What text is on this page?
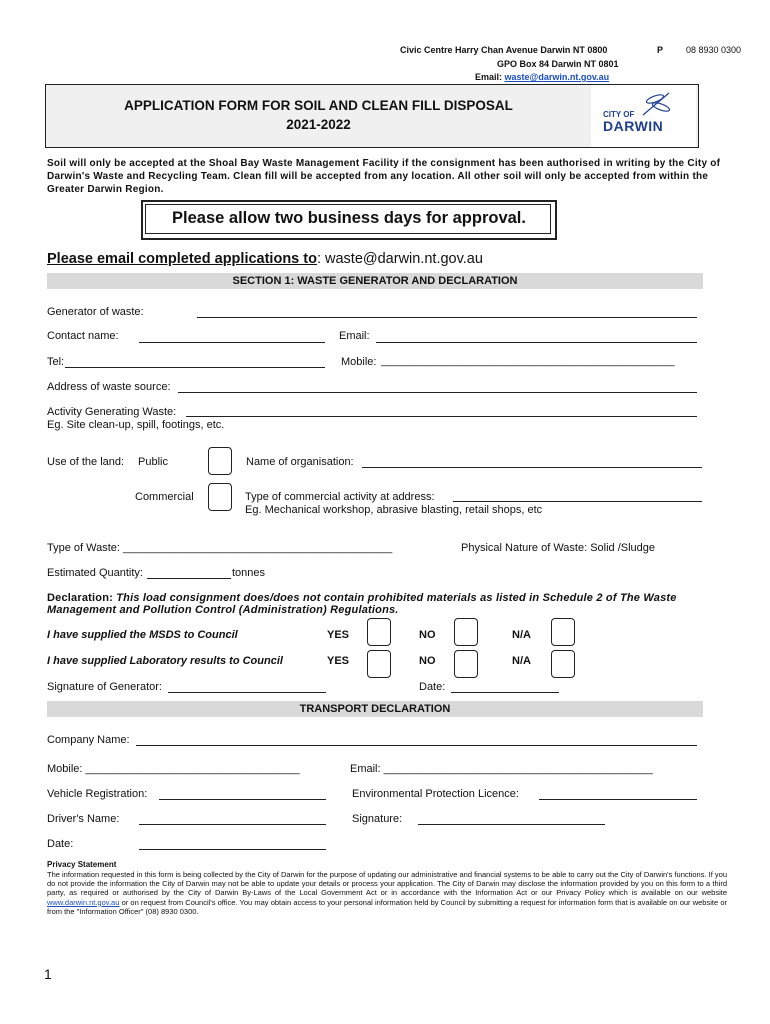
Civic Centre Harry Chan Avenue Darwin NT 0800	P	08 8930 0300
GPO Box 84 Darwin NT 0801
Email: waste@darwin.nt.gov.au
APPLICATION FORM FOR SOIL AND CLEAN FILL DISPOSAL
2021-2022
CITY OF
DARWIN
Soil will only be accepted at the Shoal Bay Waste Management Facility if the consignment has been authorised in writing by the City of Darwin's Waste and Recycling Team. Clean fill will be accepted from any location. All other soil will only be accepted from within the Greater Darwin Region.
Please allow two business days for approval.
Please email completed applications to: waste@darwin.nt.gov.au
SECTION 1: WASTE GENERATOR AND DECLARATION
Generator of waste:
Contact name:	Email:
Tel:	Mobile: ________________________________________________
Address of waste source:
Activity Generating Waste:
Eg. Site clean-up, spill, footings, etc.
Use of the land: Public	Name of organisation:
Commercial	Type of commercial activity at address:
Eg. Mechanical workshop, abrasive blasting, retail shops, etc
Type of Waste: ____________________________________________	Physical Nature of Waste: Solid /Sludge
Estimated Quantity:	tonnes
Declaration: This load consignment does/does not contain prohibited materials as listed in Schedule 2 of The Waste Management and Pollution Control (Administration) Regulations.
I have supplied the MSDS to Council	YES	NO	N/A
I have supplied Laboratory results to Council	YES	NO	N/A
Signature of Generator:	Date:
TRANSPORT DECLARATION
Company Name:
Mobile: ___________________________________	Email: ____________________________________________
Vehicle Registration:	Environmental Protection Licence:
Driver's Name:	Signature:
Date:
Privacy Statement
The information requested in this form is being collected by the City of Darwin for the purpose of updating our administrative and financial systems to be able to carry out the City of Darwin's functions. If you do not provide the information the City of Darwin may not be able to update your details or process your application. The City of Darwin may disclose the information provided by you on this form to a third party, as required or authorised by the City of Darwin By-Laws of the Local Government Act or in accordance with the Information Act or our Privacy Policy which is available on our website www.darwin.nt.gov.au or on request from Council's office. You may obtain access to your personal information held by Council by submitting a request for information form that is available on our website or from the "Information Officer" (08) 8930 0300.
1
